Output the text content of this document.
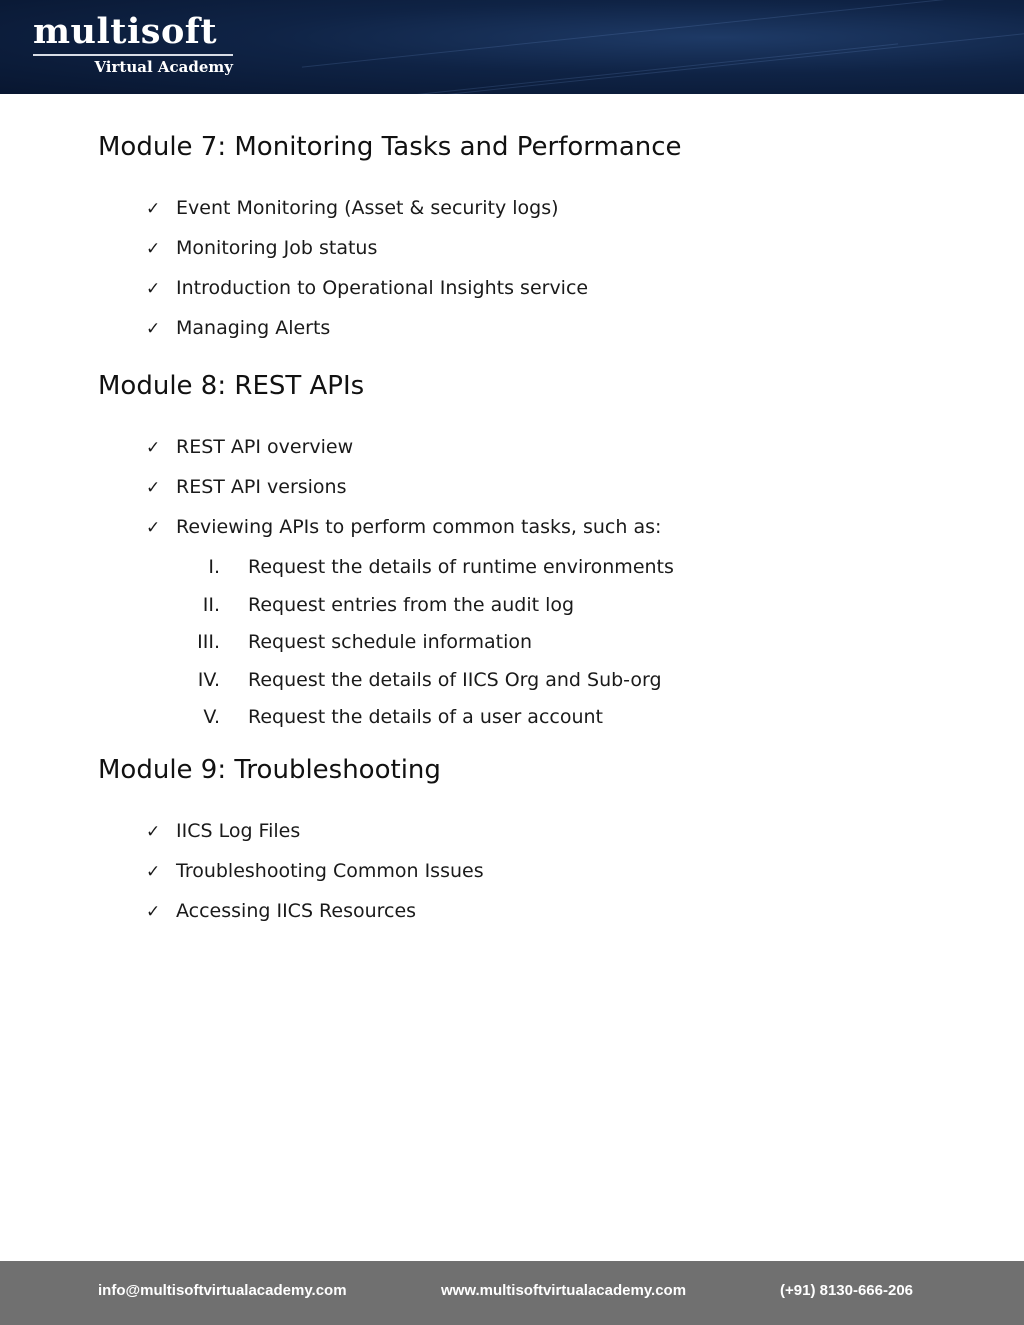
multisoft
Virtual Academy
Module 7: Monitoring Tasks and Performance
✓ Event Monitoring (Asset & security logs)
✓ Monitoring Job status
✓ Introduction to Operational Insights service
✓ Managing Alerts
Module 8: REST APIs
✓ REST API overview
✓ REST API versions
✓ Reviewing APIs to perform common tasks, such as:
I. Request the details of runtime environments
II. Request entries from the audit log
III. Request schedule information
IV. Request the details of IICS Org and Sub-org
V. Request the details of a user account
Module 9: Troubleshooting
✓ IICS Log Files
✓ Troubleshooting Common Issues
✓ Accessing IICS Resources
info@multisoftvirtualacademy.com	www.multisoftvirtualacademy.com	(+91) 8130-666-206
